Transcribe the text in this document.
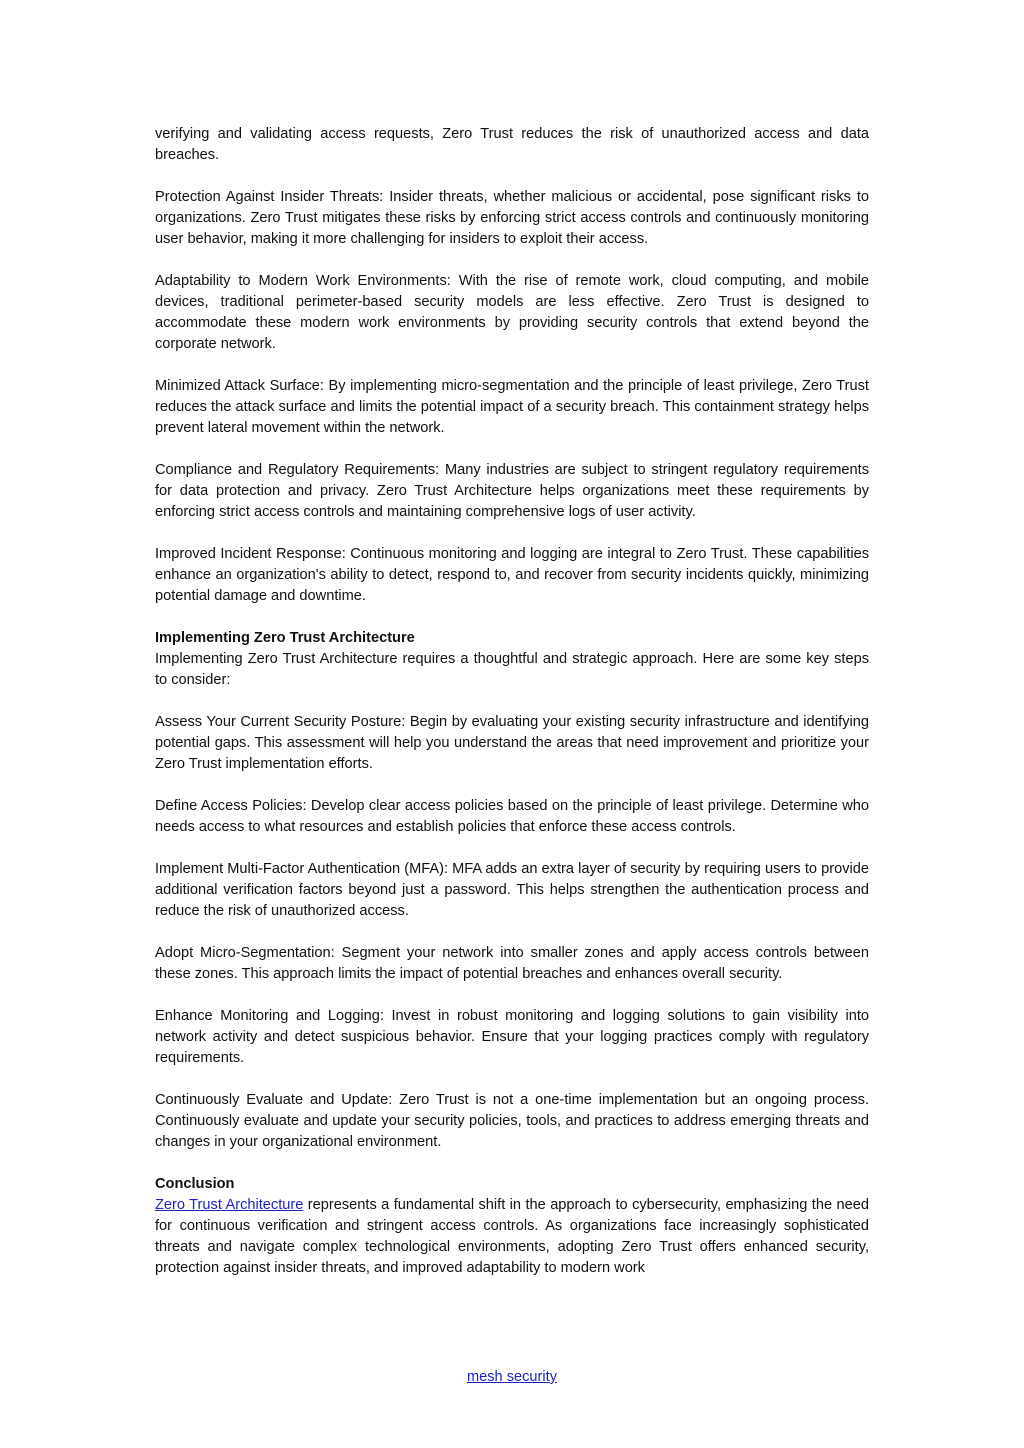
verifying and validating access requests, Zero Trust reduces the risk of unauthorized access and data breaches.

Protection Against Insider Threats: Insider threats, whether malicious or accidental, pose significant risks to organizations. Zero Trust mitigates these risks by enforcing strict access controls and continuously monitoring user behavior, making it more challenging for insiders to exploit their access.

Adaptability to Modern Work Environments: With the rise of remote work, cloud computing, and mobile devices, traditional perimeter-based security models are less effective. Zero Trust is designed to accommodate these modern work environments by providing security controls that extend beyond the corporate network.

Minimized Attack Surface: By implementing micro-segmentation and the principle of least privilege, Zero Trust reduces the attack surface and limits the potential impact of a security breach. This containment strategy helps prevent lateral movement within the network.

Compliance and Regulatory Requirements: Many industries are subject to stringent regulatory requirements for data protection and privacy. Zero Trust Architecture helps organizations meet these requirements by enforcing strict access controls and maintaining comprehensive logs of user activity.

Improved Incident Response: Continuous monitoring and logging are integral to Zero Trust. These capabilities enhance an organization's ability to detect, respond to, and recover from security incidents quickly, minimizing potential damage and downtime.

Implementing Zero Trust Architecture

Implementing Zero Trust Architecture requires a thoughtful and strategic approach. Here are some key steps to consider:

Assess Your Current Security Posture: Begin by evaluating your existing security infrastructure and identifying potential gaps. This assessment will help you understand the areas that need improvement and prioritize your Zero Trust implementation efforts.

Define Access Policies: Develop clear access policies based on the principle of least privilege. Determine who needs access to what resources and establish policies that enforce these access controls.

Implement Multi-Factor Authentication (MFA): MFA adds an extra layer of security by requiring users to provide additional verification factors beyond just a password. This helps strengthen the authentication process and reduce the risk of unauthorized access.

Adopt Micro-Segmentation: Segment your network into smaller zones and apply access controls between these zones. This approach limits the impact of potential breaches and enhances overall security.

Enhance Monitoring and Logging: Invest in robust monitoring and logging solutions to gain visibility into network activity and detect suspicious behavior. Ensure that your logging practices comply with regulatory requirements.

Continuously Evaluate and Update: Zero Trust is not a one-time implementation but an ongoing process. Continuously evaluate and update your security policies, tools, and practices to address emerging threats and changes in your organizational environment.

Conclusion

Zero Trust Architecture represents a fundamental shift in the approach to cybersecurity, emphasizing the need for continuous verification and stringent access controls. As organizations face increasingly sophisticated threats and navigate complex technological environments, adopting Zero Trust offers enhanced security, protection against insider threats, and improved adaptability to modern work

mesh security
